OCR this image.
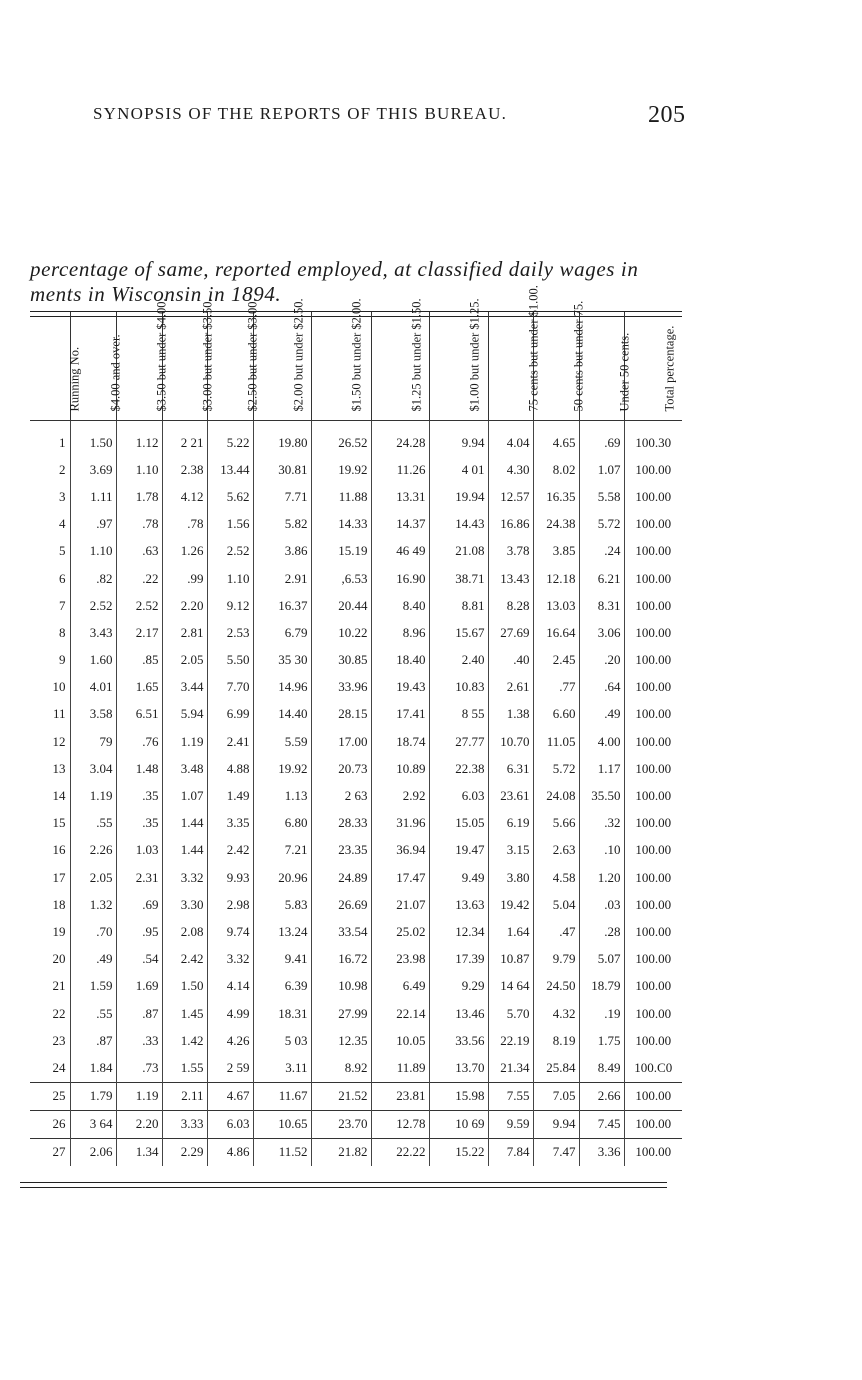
SYNOPSIS OF THE REPORTS OF THIS BUREAU.	205
percentage of same, reported employed, at classified daily wages in
ments in Wisconsin in 1894.
Running No.	$4.00 and over.	$3.50 but under $4.00.	$3.00 but under $3.50.	$2.50 but under $3.00.	$2.00 but under $2.50.	$1.50 but under $2.00.	$1.25 but under $1.50.	$1.00 but under $1.25.	75 cents but under $1.00.	50 cents but under 75.	Under 50 cents.	Total percentage.

1	1.50	1.12	2 21	5.22	19.80	26.52	24.28	9.94	4.04	4.65	.69	100.30
2	3.69	1.10	2.38	13.44	30.81	19.92	11.26	4 01	4.30	8.02	1.07	100.00
3	1.11	1.78	4.12	5.62	7.71	11.88	13.31	19.94	12.57	16.35	5.58	100.00
4	.97	.78	.78	1.56	5.82	14.33	14.37	14.43	16.86	24.38	5.72	100.00
5	1.10	.63	1.26	2.52	3.86	15.19	46 49	21.08	3.78	3.85	.24	100.00
6	.82	.22	.99	1.10	2.91	,6.53	16.90	38.71	13.43	12.18	6.21	100.00
7	2.52	2.52	2.20	9.12	16.37	20.44	8.40	8.81	8.28	13.03	8.31	100.00
8	3.43	2.17	2.81	2.53	6.79	10.22	8.96	15.67	27.69	16.64	3.06	100.00
9	1.60	.85	2.05	5.50	35 30	30.85	18.40	2.40	.40	2.45	.20	100.00
10	4.01	1.65	3.44	7.70	14.96	33.96	19.43	10.83	2.61	.77	.64	100.00
11	3.58	6.51	5.94	6.99	14.40	28.15	17.41	8 55	1.38	6.60	.49	100.00
12	79	.76	1.19	2.41	5.59	17.00	18.74	27.77	10.70	11.05	4.00	100.00
13	3.04	1.48	3.48	4.88	19.92	20.73	10.89	22.38	6.31	5.72	1.17	100.00
14	1.19	.35	1.07	1.49	1.13	2 63	2.92	6.03	23.61	24.08	35.50	100.00
15	.55	.35	1.44	3.35	6.80	28.33	31.96	15.05	6.19	5.66	.32	100.00
16	2.26	1.03	1.44	2.42	7.21	23.35	36.94	19.47	3.15	2.63	.10	100.00
17	2.05	2.31	3.32	9.93	20.96	24.89	17.47	9.49	3.80	4.58	1.20	100.00
18	1.32	.69	3.30	2.98	5.83	26.69	21.07	13.63	19.42	5.04	.03	100.00
19	.70	.95	2.08	9.74	13.24	33.54	25.02	12.34	1.64	.47	.28	100.00
20	.49	.54	2.42	3.32	9.41	16.72	23.98	17.39	10.87	9.79	5.07	100.00
21	1.59	1.69	1.50	4.14	6.39	10.98	6.49	9.29	14 64	24.50	18.79	100.00
22	.55	.87	1.45	4.99	18.31	27.99	22.14	13.46	5.70	4.32	.19	100.00
23	.87	.33	1.42	4.26	5 03	12.35	10.05	33.56	22.19	8.19	1.75	100.00
24	1.84	.73	1.55	2 59	3.11	8.92	11.89	13.70	21.34	25.84	8.49	100.C0
25	1.79	1.19	2.11	4.67	11.67	21.52	23.81	15.98	7.55	7.05	2.66	100.00
26	3 64	2.20	3.33	6.03	10.65	23.70	12.78	10 69	9.59	9.94	7.45	100.00
27	2.06	1.34	2.29	4.86	11.52	21.82	22.22	15.22	7.84	7.47	3.36	100.00
